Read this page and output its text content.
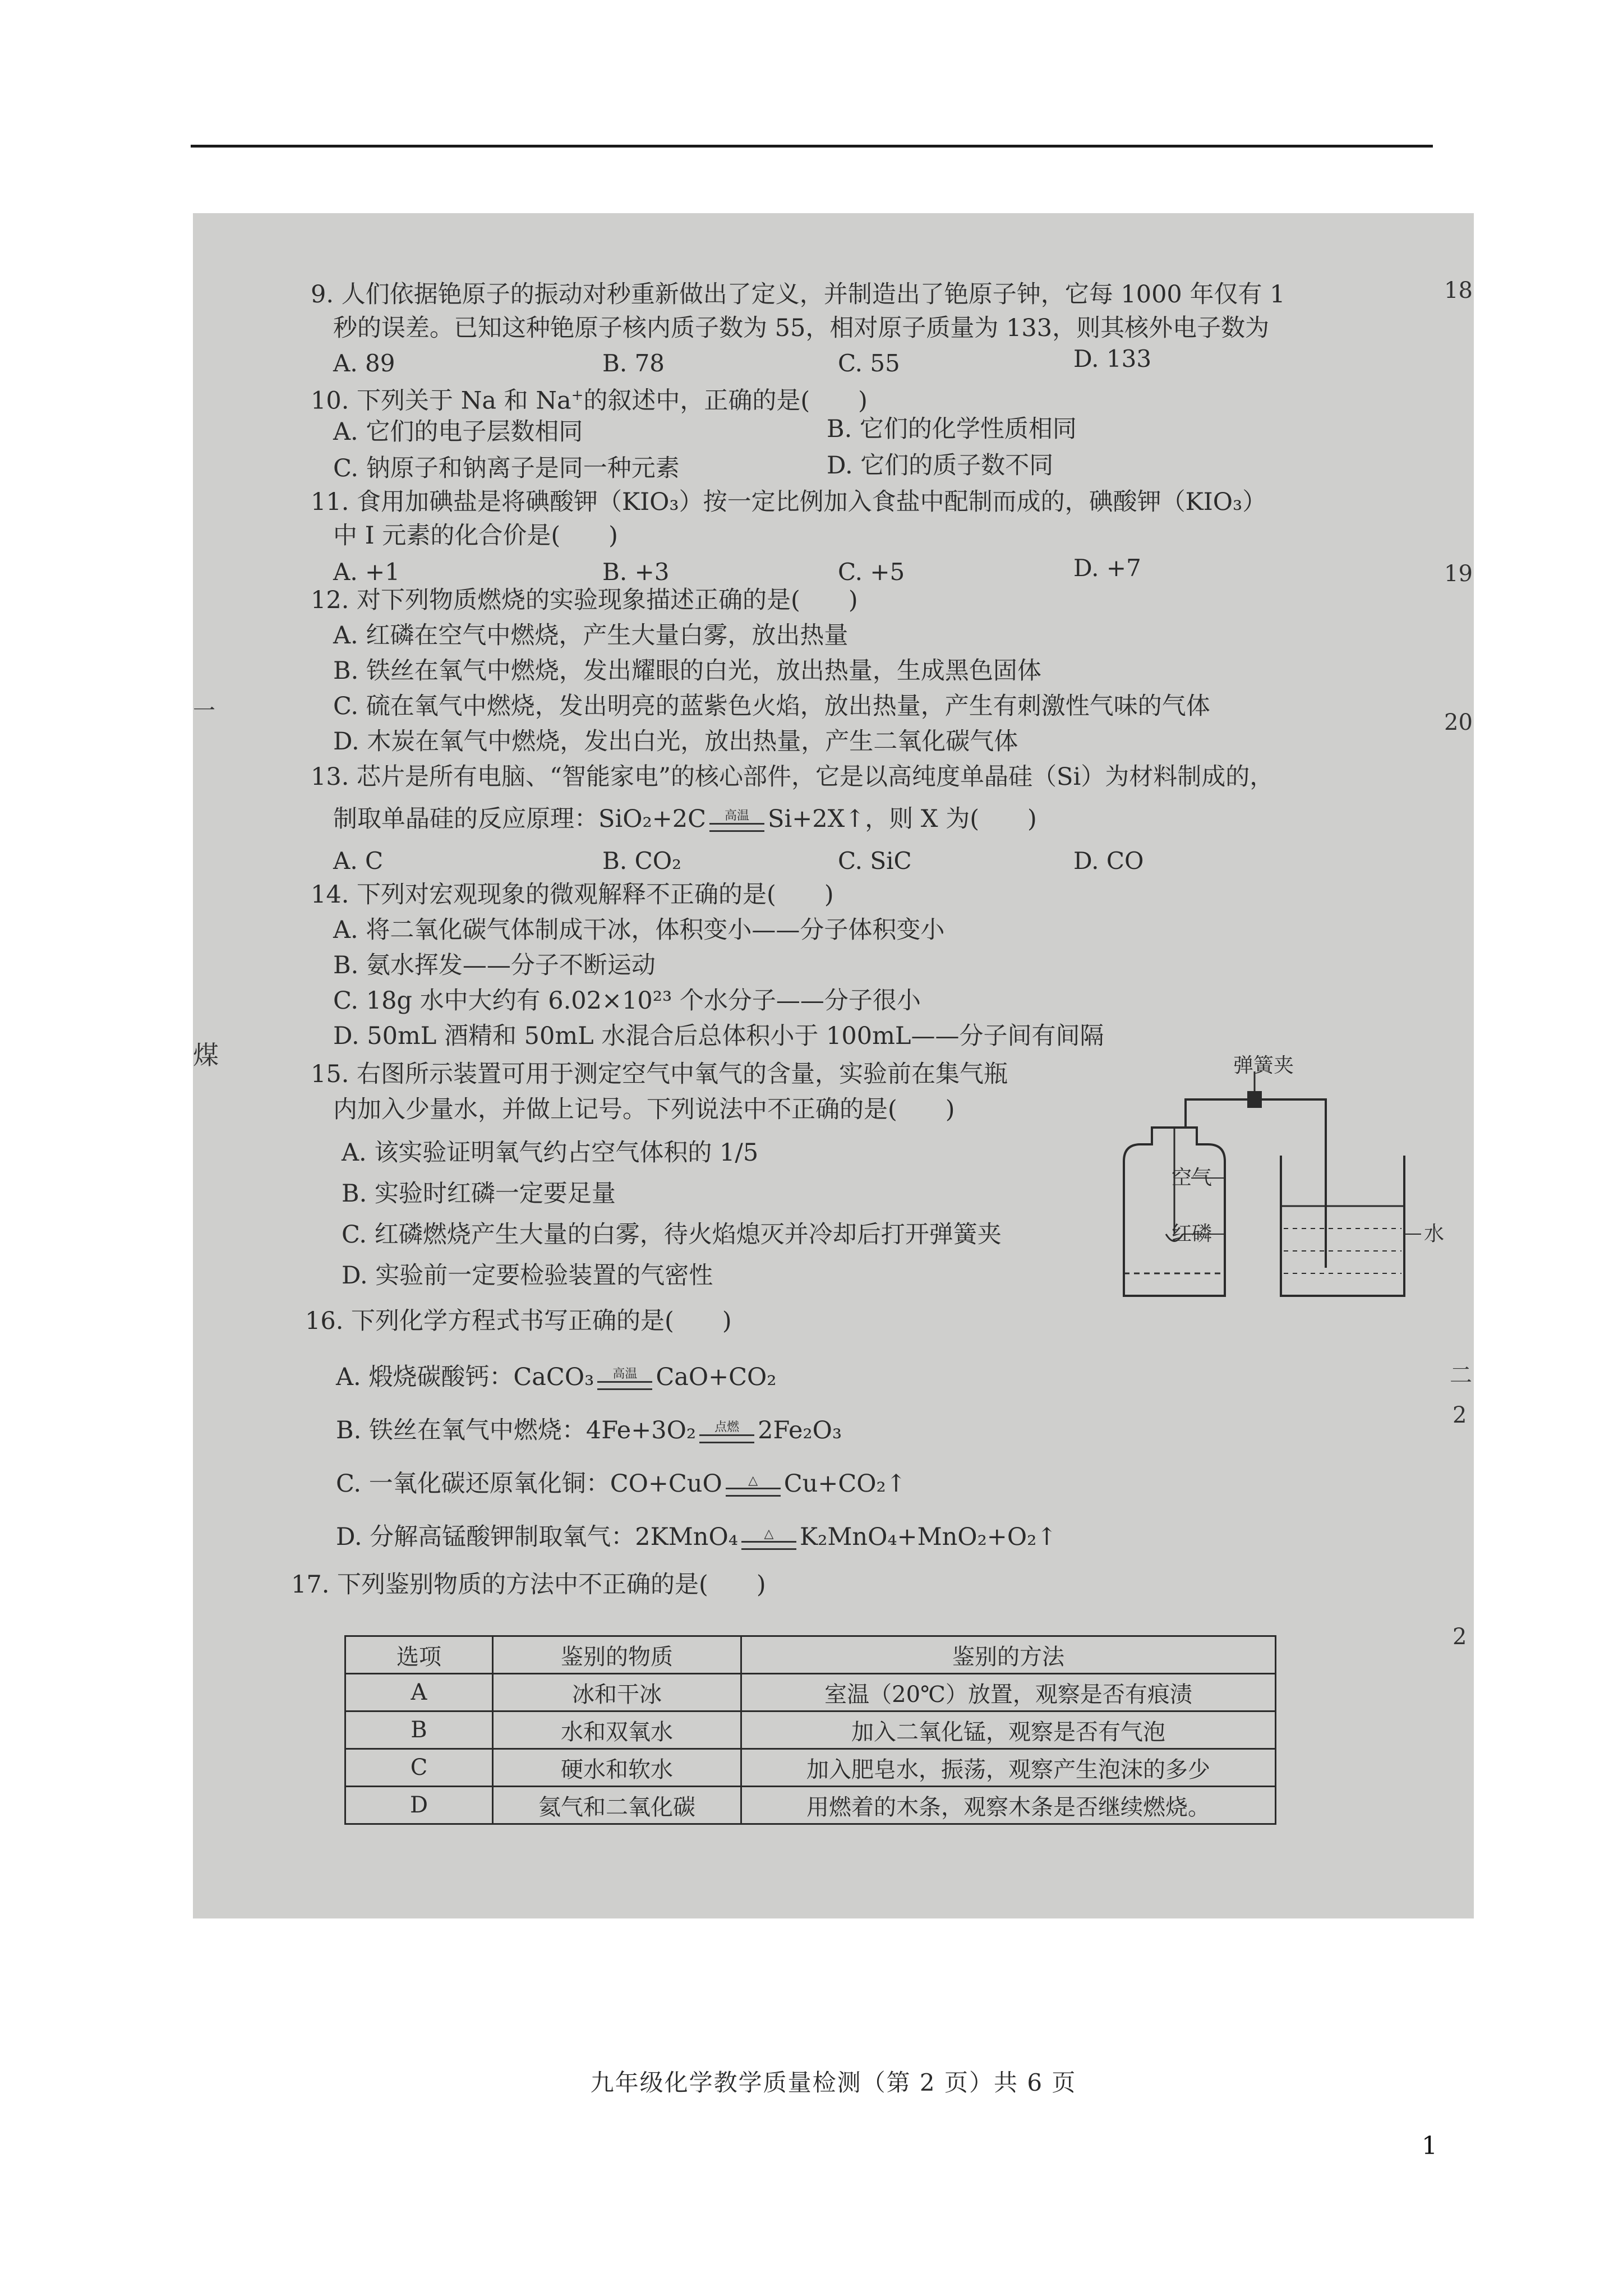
9. 人们依据铯原子的振动对秒重新做出了定义，并制造出了铯原子钟，它每 1000 年仅有 1
秒的误差。已知这种铯原子核内质子数为 55，相对原子质量为 133，则其核外电子数为
A. 89	B. 78	C. 55	D. 133
10. 下列关于 Na 和 Na+的叙述中，正确的是(　　)
A. 它们的电子层数相同	B. 它们的化学性质相同
C. 钠原子和钠离子是同一种元素	D. 它们的质子数不同
11. 食用加碘盐是将碘酸钾（KIO₃）按一定比例加入食盐中配制而成的，碘酸钾（KIO₃）
中 I 元素的化合价是(　　)
A. +1	B. +3	C. +5	D. +7
12. 对下列物质燃烧的实验现象描述正确的是(　　)
A. 红磷在空气中燃烧，产生大量白雾，放出热量
B. 铁丝在氧气中燃烧，发出耀眼的白光，放出热量，生成黑色固体
C. 硫在氧气中燃烧，发出明亮的蓝紫色火焰，放出热量，产生有刺激性气味的气体
D. 木炭在氧气中燃烧，发出白光，放出热量，产生二氧化碳气体
13. 芯片是所有电脑、“智能家电”的核心部件，它是以高纯度单晶硅（Si）为材料制成的，
制取单晶硅的反应原理：SiO₂+2C	高温 Si+2X↑，则 X 为(　　)
A. C	B. CO₂	C. SiC	D. CO
14. 下列对宏观现象的微观解释不正确的是(　　)
A. 将二氧化碳气体制成干冰，体积变小——分子体积变小
B. 氨水挥发——分子不断运动
C. 18g 水中大约有 6.02×10²³ 个水分子——分子很小
D. 50mL 酒精和 50mL 水混合后总体积小于 100mL——分子间有间隔
15. 右图所示装置可用于测定空气中氧气的含量，实验前在集气瓶
内加入少量水，并做上记号。下列说法中不正确的是(　　)
A. 该实验证明氧气约占空气体积的 1/5
B. 实验时红磷一定要足量
C. 红磷燃烧产生大量的白雾，待火焰熄灭并冷却后打开弹簧夹
D. 实验前一定要检验装置的气密性
弹簧夹
空气
红磷	水
16. 下列化学方程式书写正确的是(　　)
A. 煅烧碳酸钙：CaCO₃	高温 CaO+CO₂
B. 铁丝在氧气中燃烧：4Fe+3O₂	点燃 2Fe₂O₃
C. 一氧化碳还原氧化铜：CO+CuO	△	Cu+CO₂↑
D. 分解高锰酸钾制取氧气：2KMnO₄	△	K₂MnO₄+MnO₂+O₂↑
17. 下列鉴别物质的方法中不正确的是(　　)
选项	鉴别的物质	鉴别的方法
A	冰和干冰	室温（20℃）放置，观察是否有痕渍
B	水和双氧水	加入二氧化锰，观察是否有气泡
C	硬水和软水	加入肥皂水，振荡，观察产生泡沫的多少
D	氦气和二氧化碳	用燃着的木条，观察木条是否继续燃烧。
九年级化学教学质量检测（第 2 页）共 6 页
煤
一
18
19
20
二
2
2
1
